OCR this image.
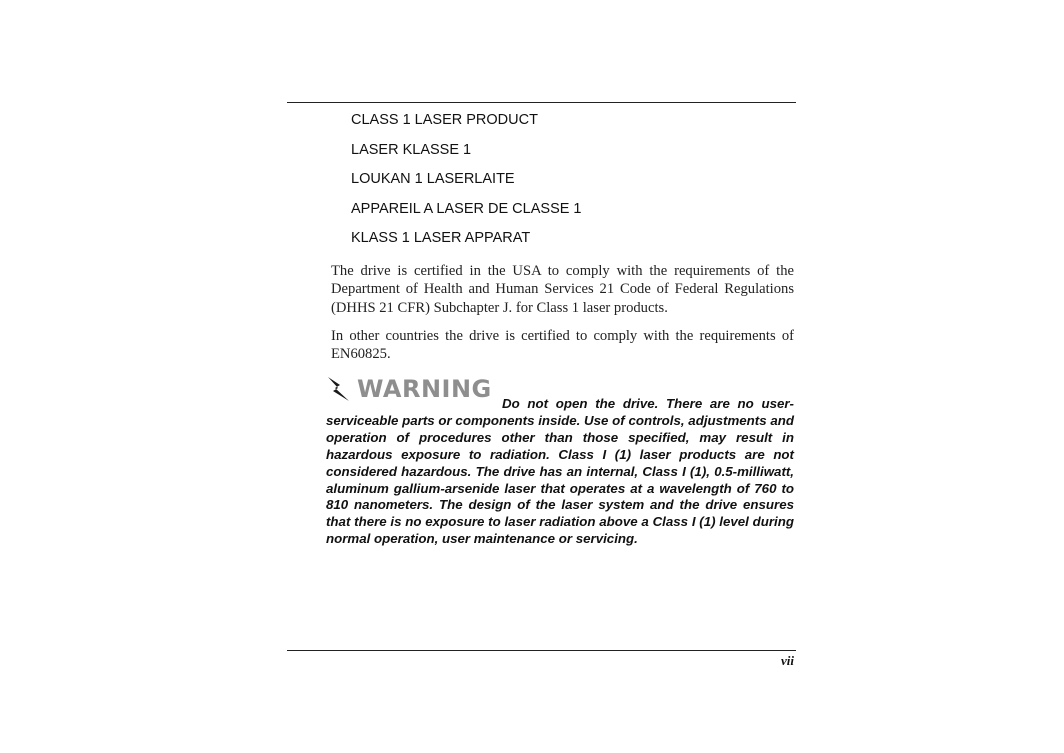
CLASS 1 LASER PRODUCT
LASER KLASSE 1
LOUKAN 1 LASERLAITE
APPAREIL A LASER DE CLASSE 1
KLASS 1 LASER APPARAT

The drive is certified in the USA to comply with the requirements of the Department of Health and Human Services 21 Code of Federal Regulations (DHHS 21 CFR) Subchapter J. for Class 1 laser products.

In other countries the drive is certified to comply with the requirements of EN60825.

WARNING

Do not open the drive. There are no user-serviceable parts or components inside. Use of controls, adjustments and operation of procedures other than those specified, may result in hazardous exposure to radiation. Class I (1) laser products are not considered hazardous. The drive has an internal, Class I (1), 0.5-milliwatt, aluminum gallium-arsenide laser that operates at a wavelength of 760 to 810 nanometers. The design of the laser system and the drive ensures that there is no exposure to laser radiation above a Class I (1) level during normal operation, user maintenance or servicing.

vii
